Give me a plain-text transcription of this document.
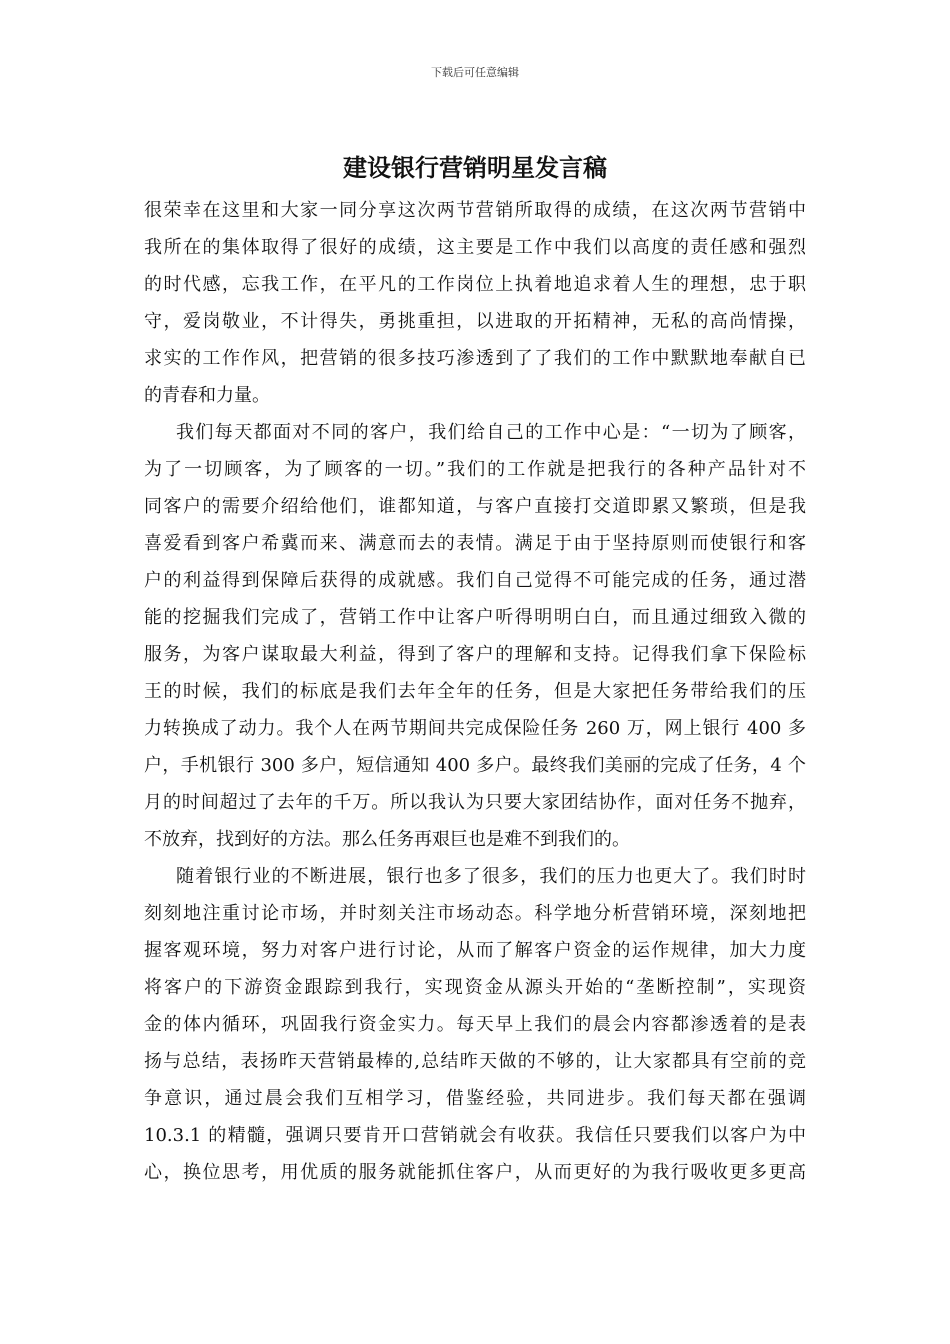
下载后可任意编辑
建设银行营销明星发言稿
很荣幸在这里和大家一同分享这次两节营销所取得的成绩，在这次两节营销中
我所在的集体取得了很好的成绩，这主要是工作中我们以高度的责任感和强烈
的时代感，忘我工作，在平凡的工作岗位上执着地追求着人生的理想，忠于职
守，爱岗敬业，不计得失，勇挑重担，以进取的开拓精神，无私的高尚情操，
求实的工作作风，把营销的很多技巧渗透到了了我们的工作中默默地奉献自已
的青春和力量。
我们每天都面对不同的客户，我们给自己的工作中心是：“一切为了顾客，
为了一切顾客，为了顾客的一切。”我们的工作就是把我行的各种产品针对不
同客户的需要介绍给他们，谁都知道，与客户直接打交道即累又繁琐，但是我
喜爱看到客户希冀而来、满意而去的表情。满足于由于坚持原则而使银行和客
户的利益得到保障后获得的成就感。我们自己觉得不可能完成的任务，通过潜
能的挖掘我们完成了，营销工作中让客户听得明明白白，而且通过细致入微的
服务，为客户谋取最大利益，得到了客户的理解和支持。记得我们拿下保险标
王的时候，我们的标底是我们去年全年的任务，但是大家把任务带给我们的压
力转换成了动力。我个人在两节期间共完成保险任务 260 万，网上银行 400 多
户，手机银行 300 多户，短信通知 400 多户。最终我们美丽的完成了任务，4 个
月的时间超过了去年的千万。所以我认为只要大家团结协作，面对任务不抛弃，
不放弃，找到好的方法。那么任务再艰巨也是难不到我们的。
随着银行业的不断进展，银行也多了很多，我们的压力也更大了。我们时时
刻刻地注重讨论市场，并时刻关注市场动态。科学地分析营销环境，深刻地把
握客观环境，努力对客户进行讨论，从而了解客户资金的运作规律，加大力度
将客户的下游资金跟踪到我行，实现资金从源头开始的“垄断控制”，实现资
金的体内循环，巩固我行资金实力。每天早上我们的晨会内容都渗透着的是表
扬与总结，表扬昨天营销最棒的,总结昨天做的不够的，让大家都具有空前的竞
争意识，通过晨会我们互相学习，借鉴经验，共同进步。我们每天都在强调
10.3.1 的精髓，强调只要肯开口营销就会有收获。我信任只要我们以客户为中
心，换位思考，用优质的服务就能抓住客户，从而更好的为我行吸收更多更高
